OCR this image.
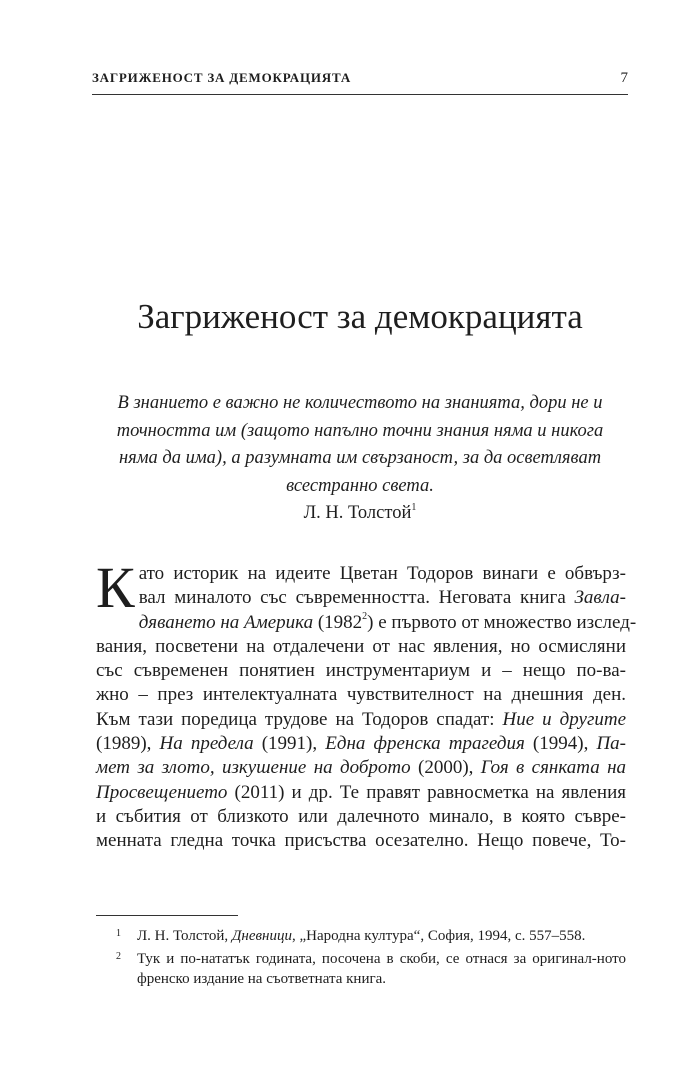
ЗАГРИЖЕНОСТ ЗА ДЕМОКРАЦИЯТА	7
Загриженост за демокрацията
В знанието е важно не количеството на знанията, дори не и
точността им (защото напълно точни знания няма и никога
няма да има), а разумната им свързаност, за да осветляват
всестранно света.
Л. Н. Толстой$^1$
К ато историк на идеите Цветан Тодоров винаги е обвърз-
вал миналото със съвременността. Неговата книга Завла-
дяването на Америка (1982$^2$) е първото от множество изслед-
вания, посветени на отдалечени от нас явления, но осмисляни
със съвременен понятиен инструментариум и – нещо по-ва-
жно – през интелектуалната чувствителност на днешния ден.
Към тази поредица трудове на Тодоров спадат: Ние и другите
(1989), На предела (1991), Една френска трагедия (1994), Па-
мет за злото, изкушение на доброто (2000), Гоя в сянката на
Просвещението (2011) и др. Те правят равносметка на явления
и събития от близкото или далечното минало, в която съвре-
менната гледна точка присъства осезателно. Нещо повече, То-
1 Л. Н. Толстой, Дневници, „Народна култура“, София, 1994, с. 557–558.
2 Тук и по-нататък годината, посочена в скоби, се отнася за оригинал-ното френско издание на съответната книга.
